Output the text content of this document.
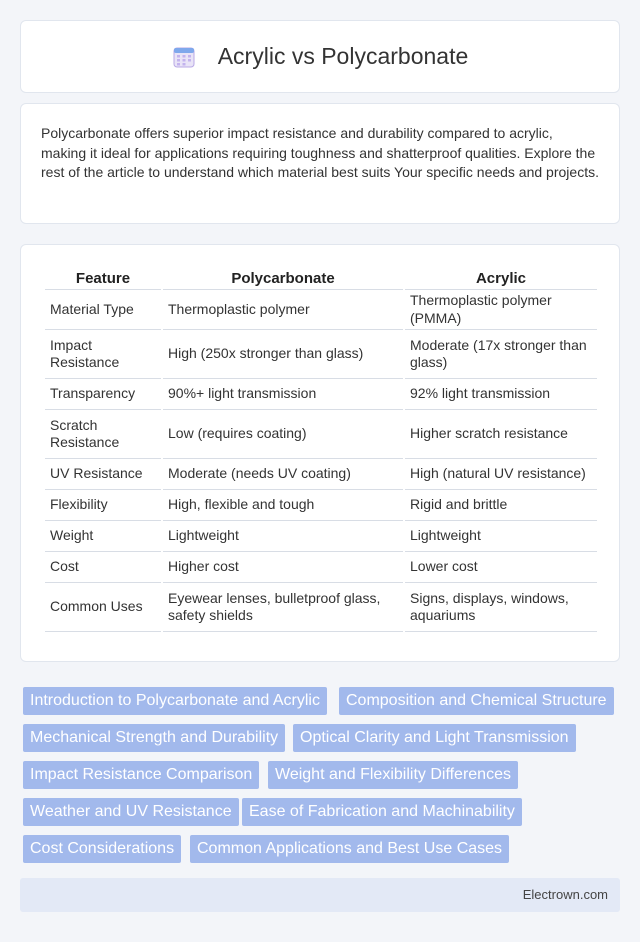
Acrylic vs Polycarbonate

Polycarbonate offers superior impact resistance and durability compared to acrylic, making it ideal for applications requiring toughness and shatterproof qualities. Explore the rest of the article to understand which material best suits Your specific needs and projects.

Feature	Polycarbonate	Acrylic
Material Type	Thermoplastic polymer	Thermoplastic polymer (PMMA)
Impact Resistance	High (250x stronger than glass)	Moderate (17x stronger than glass)
Transparency	90%+ light transmission	92% light transmission
Scratch Resistance	Low (requires coating)	Higher scratch resistance
UV Resistance	Moderate (needs UV coating)	High (natural UV resistance)
Flexibility	High, flexible and tough	Rigid and brittle
Weight	Lightweight	Lightweight
Cost	Higher cost	Lower cost
Common Uses	Eyewear lenses, bulletproof glass, safety shields	Signs, displays, windows, aquariums
Introduction to Polycarbonate and Acrylic	Composition and Chemical Structure
Mechanical Strength and Durability	Optical Clarity and Light Transmission
Impact Resistance Comparison	Weight and Flexibility Differences
Weather and UV Resistance	Ease of Fabrication and Machinability
Cost Considerations	Common Applications and Best Use Cases
Electrown.com
